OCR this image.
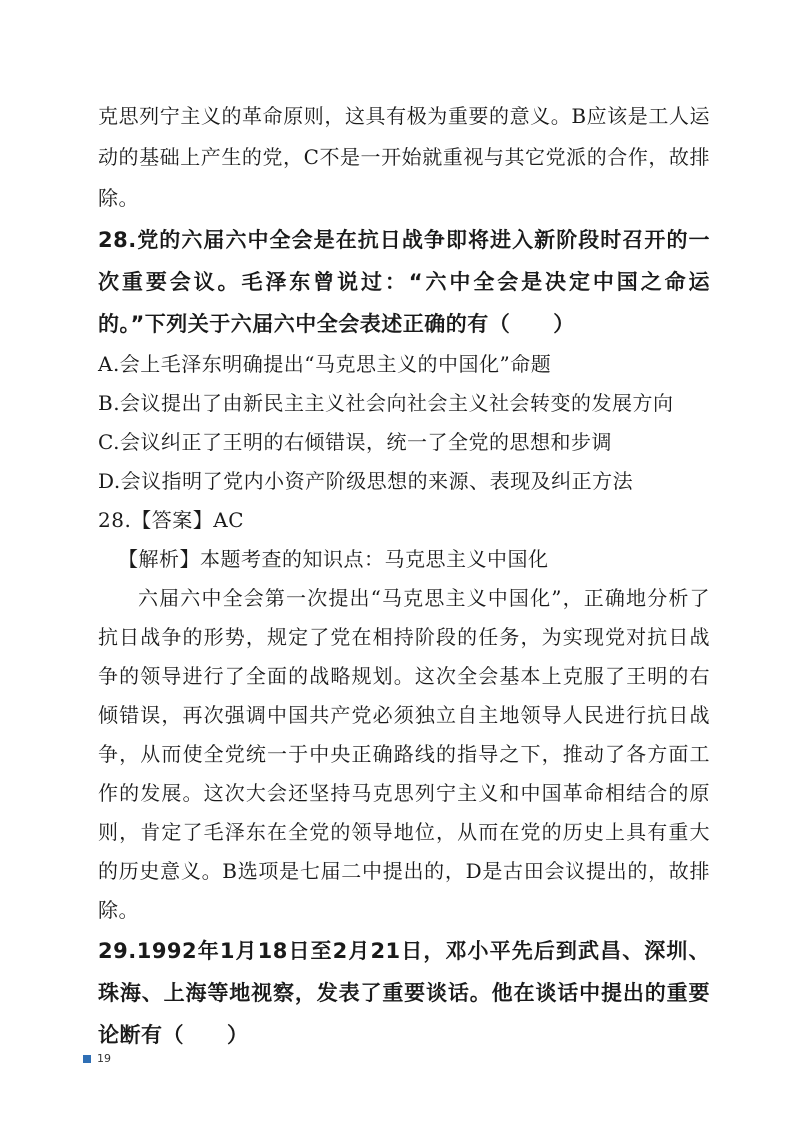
克思列宁主义的革命原则，这具有极为重要的意义。B应该是工人运动的基础上产生的党，C不是一开始就重视与其它党派的合作，故排除。

28.党的六届六中全会是在抗日战争即将进入新阶段时召开的一次重要会议。毛泽东曾说过：“六中全会是决定中国之命运的。”下列关于六届六中全会表述正确的有（　　）

A.会上毛泽东明确提出“马克思主义的中国化”命题

B.会议提出了由新民主主义社会向社会主义社会转变的发展方向

C.会议纠正了王明的右倾错误，统一了全党的思想和步调

D.会议指明了党内小资产阶级思想的来源、表现及纠正方法

28.【答案】AC

【解析】本题考查的知识点：马克思主义中国化

六届六中全会第一次提出“马克思主义中国化”，正确地分析了抗日战争的形势，规定了党在相持阶段的任务，为实现党对抗日战争的领导进行了全面的战略规划。这次全会基本上克服了王明的右倾错误，再次强调中国共产党必须独立自主地领导人民进行抗日战争，从而使全党统一于中央正确路线的指导之下，推动了各方面工作的发展。这次大会还坚持马克思列宁主义和中国革命相结合的原则，肯定了毛泽东在全党的领导地位，从而在党的历史上具有重大的历史意义。B选项是七届二中提出的，D是古田会议提出的，故排除。

29.1992年1月18日至2月21日，邓小平先后到武昌、深圳、珠海、上海等地视察，发表了重要谈话。他在谈话中提出的重要论断有（　　）

19
